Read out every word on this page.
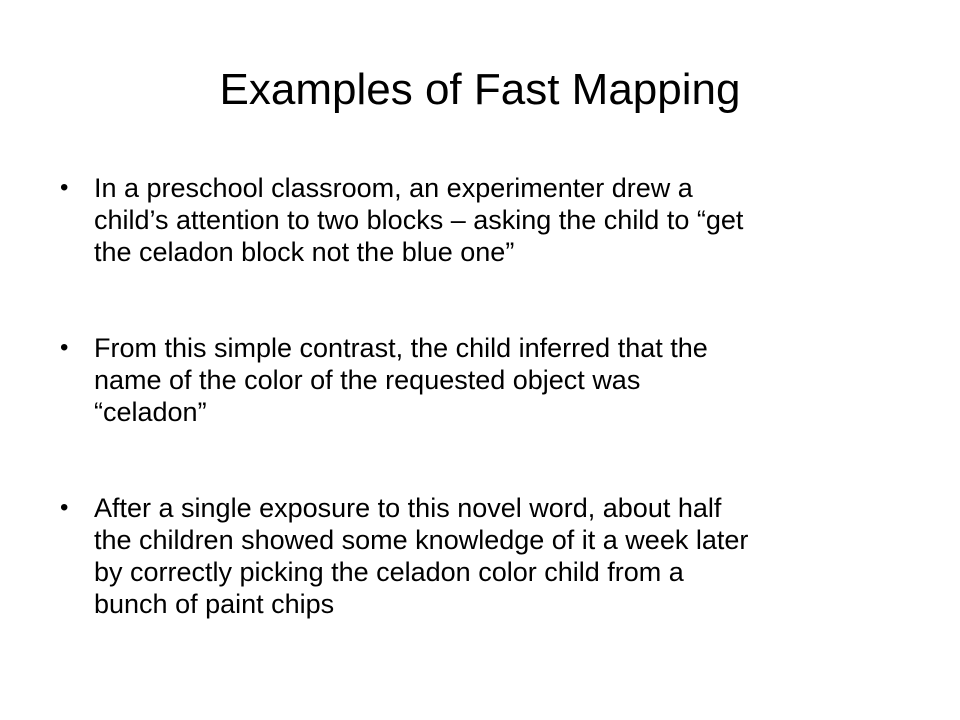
Examples of Fast Mapping
• In a preschool classroom, an experimenter drew a
child’s attention to two blocks – asking the child to “get
the celadon block not the blue one”
• From this simple contrast, the child inferred that the
name of the color of the requested object was
“celadon”
• After a single exposure to this novel word, about half
the children showed some knowledge of it a week later
by correctly picking the celadon color child from a
bunch of paint chips
